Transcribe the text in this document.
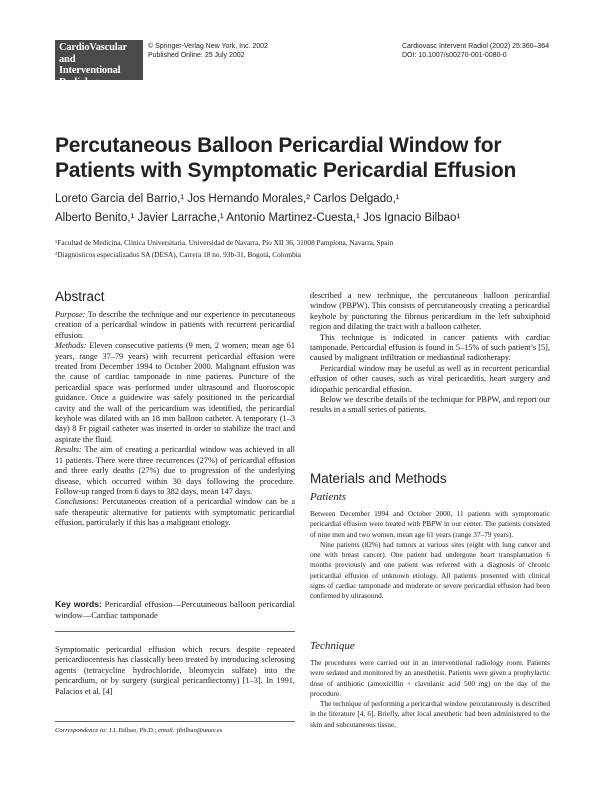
CardioVascular
and Interventional
Radiology
© Springer-Verlag New York, Inc. 2002
Published Online: 25 July 2002
Cardiovasc Intervent Radiol (2002) 25:360–364
DOI: 10.1007/s00270-001-0080-0
Percutaneous Balloon Pericardial Window for Patients with Symptomatic Pericardial Effusion
Loreto Garcia del Barrio,¹ Jos Hernando Morales,² Carlos Delgado,¹
Alberto Benito,¹ Javier Larrache,¹ Antonio Martinez-Cuesta,¹ Jos Ignacio Bilbao¹
¹Facultad de Medicina, Clinica Universitaria, Universidad de Navarra, Pio XII 36, 31008 Pamplona, Navarra, Spain
²Diagnósticos especializados SA (DESA), Carrera 18 no. 93b-31, Bogotá, Colombia
Abstract

Purpose: To describe the technique and our experience in percutaneous creation of a pericardial window in patients with recurrent pericardial effusion.

Methods: Eleven consecutive patients (9 men, 2 women; mean age 61 years, range 37–79 years) with recurrent pericardial effusion were treated from December 1994 to October 2000. Malignant effusion was the cause of cardiac tamponade in nine patients. Puncture of the pericardial space was performed under ultrasound and fluoroscopic guidance. Once a guidewire was safely positioned in the pericardial cavity and the wall of the pericardium was identified, the pericardial keyhole was dilated with an 18 mm balloon catheter. A temporary (1–3 day) 8 Fr pigtail catheter was inserted in order to stabilize the tract and aspirate the fluid.

Results: The aim of creating a pericardial window was achieved in all 11 patients. There were three recurrences (27%) of pericardial effusion and three early deaths (27%) due to progression of the underlying disease, which occurred within 30 days following the procedure. Follow-up ranged from 6 days to 382 days, mean 147 days.

Conclusions: Percutaneous creation of a pericardial window can be a safe therapeutic alternative for patients with symptomatic pericardial effusion, particularly if this has a malignant etiology.

Key words: Pericardial effusion—Percutaneous balloon pericardial window—Cardiac tamponade
Symptomatic pericardial effusion which recurs despite repeated pericardiocentesis has classically been treated by introducing sclerosing agents (tetracycline hydrochloride, bleomycin sulfate) into the pericardium, or by surgery (surgical pericardiectomy) [1–3]. In 1991, Palacios et al. [4]
Correspondence to: J.I. Bilbao, Ph.D.; email: jibilbao@unav.es

described a new technique, the percutaneous balloon pericardial window (PBPW). This consists of percutaneously creating a pericardial keyhole by puncturing the fibrous pericardium in the left subxiphoid region and dilating the tract with a balloon catheter.

This technique is indicated in cancer patients with cardiac tamponade. Pericardial effusion is found in 5–15% of such patient’s [5], caused by malignant infiltration or mediastinal radiotherapy.

Pericardial window may be useful as well as in recurrent pericardial effusion of other causes, such as viral pericarditis, heart surgery and idiopathic pericardial effusion.

Below we describe details of the technique for PBPW, and report our results in a small series of patients.

Materials and Methods
Patients

Between December 1994 and October 2000, 11 patients with symptomatic pericardial effusion were treated with PBPW in our center. The patients consisted of nine men and two women, mean age 61 years (range 37–79 years).

Nine patients (82%) had tumors at various sites (eight with lung cancer and one with breast cancer). One patient had undergone heart transplantation 6 months previously and one patient was referred with a diagnosis of chronic pericardial effusion of unknown etiology. All patients presented with clinical signs of cardiac tamponade and moderate or severe pericardial effusion had been confirmed by ultrasound.

Technique

The procedures were carried out in an interventional radiology room. Patients were sedated and monitored by an anesthetist. Patients were given a prophylactic dose of antibiotic (amoxicillin + clavulanic acid 500 mg) on the day of the procedure.

The technique of performing a pericardial window percutaneously is described in the literature [4, 6]. Briefly, after local anesthetic had been administered to the skin and subcutaneous tissue,
